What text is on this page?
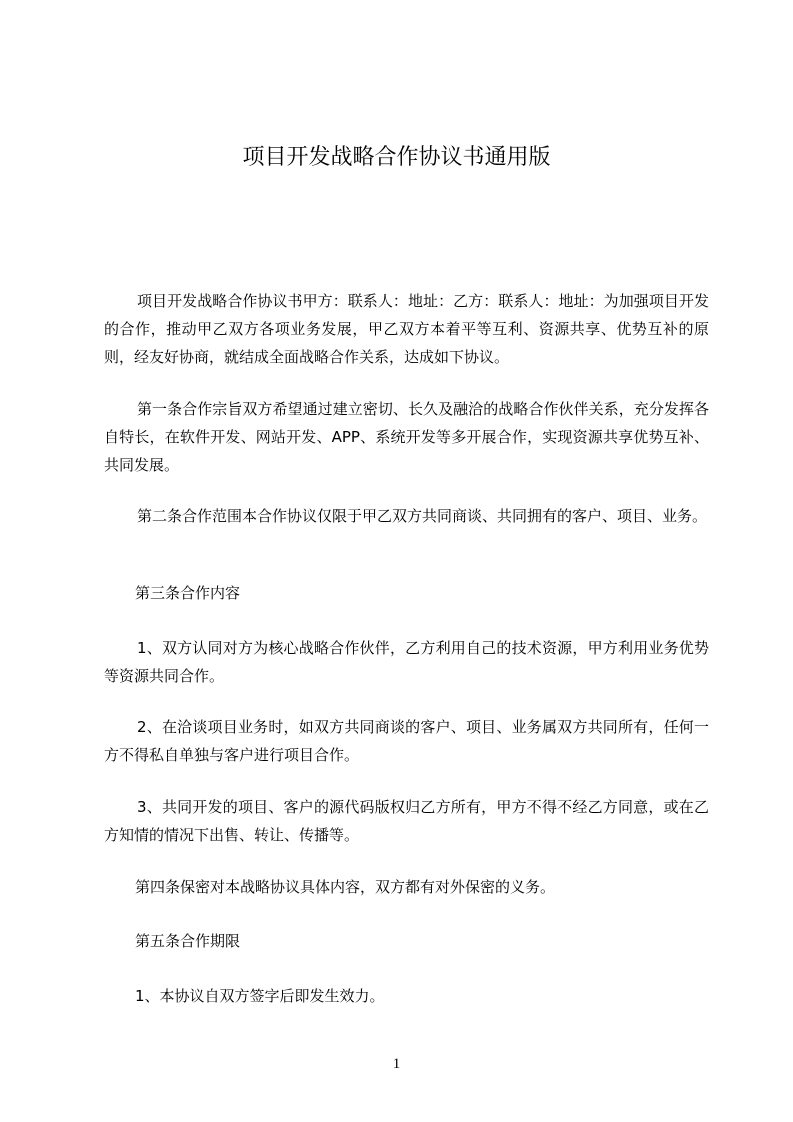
项目开发战略合作协议书通用版

项目开发战略合作协议书甲方：联系人：地址：乙方：联系人：地址：为加强项目开发的合作，推动甲乙双方各项业务发展，甲乙双方本着平等互利、资源共享、优势互补的原则，经友好协商，就结成全面战略合作关系，达成如下协议。

第一条合作宗旨双方希望通过建立密切、长久及融洽的战略合作伙伴关系，充分发挥各自特长，在软件开发、网站开发、APP、系统开发等多开展合作，实现资源共享优势互补、共同发展。

第二条合作范围本合作协议仅限于甲乙双方共同商谈、共同拥有的客户、项目、业务。

第三条合作内容

1、双方认同对方为核心战略合作伙伴，乙方利用自己的技术资源，甲方利用业务优势等资源共同合作。

2、在洽谈项目业务时，如双方共同商谈的客户、项目、业务属双方共同所有，任何一方不得私自单独与客户进行项目合作。

3、共同开发的项目、客户的源代码版权归乙方所有，甲方不得不经乙方同意，或在乙方知情的情况下出售、转让、传播等。

第四条保密对本战略协议具体内容，双方都有对外保密的义务。

第五条合作期限

1、本协议自双方签字后即发生效力。

1
